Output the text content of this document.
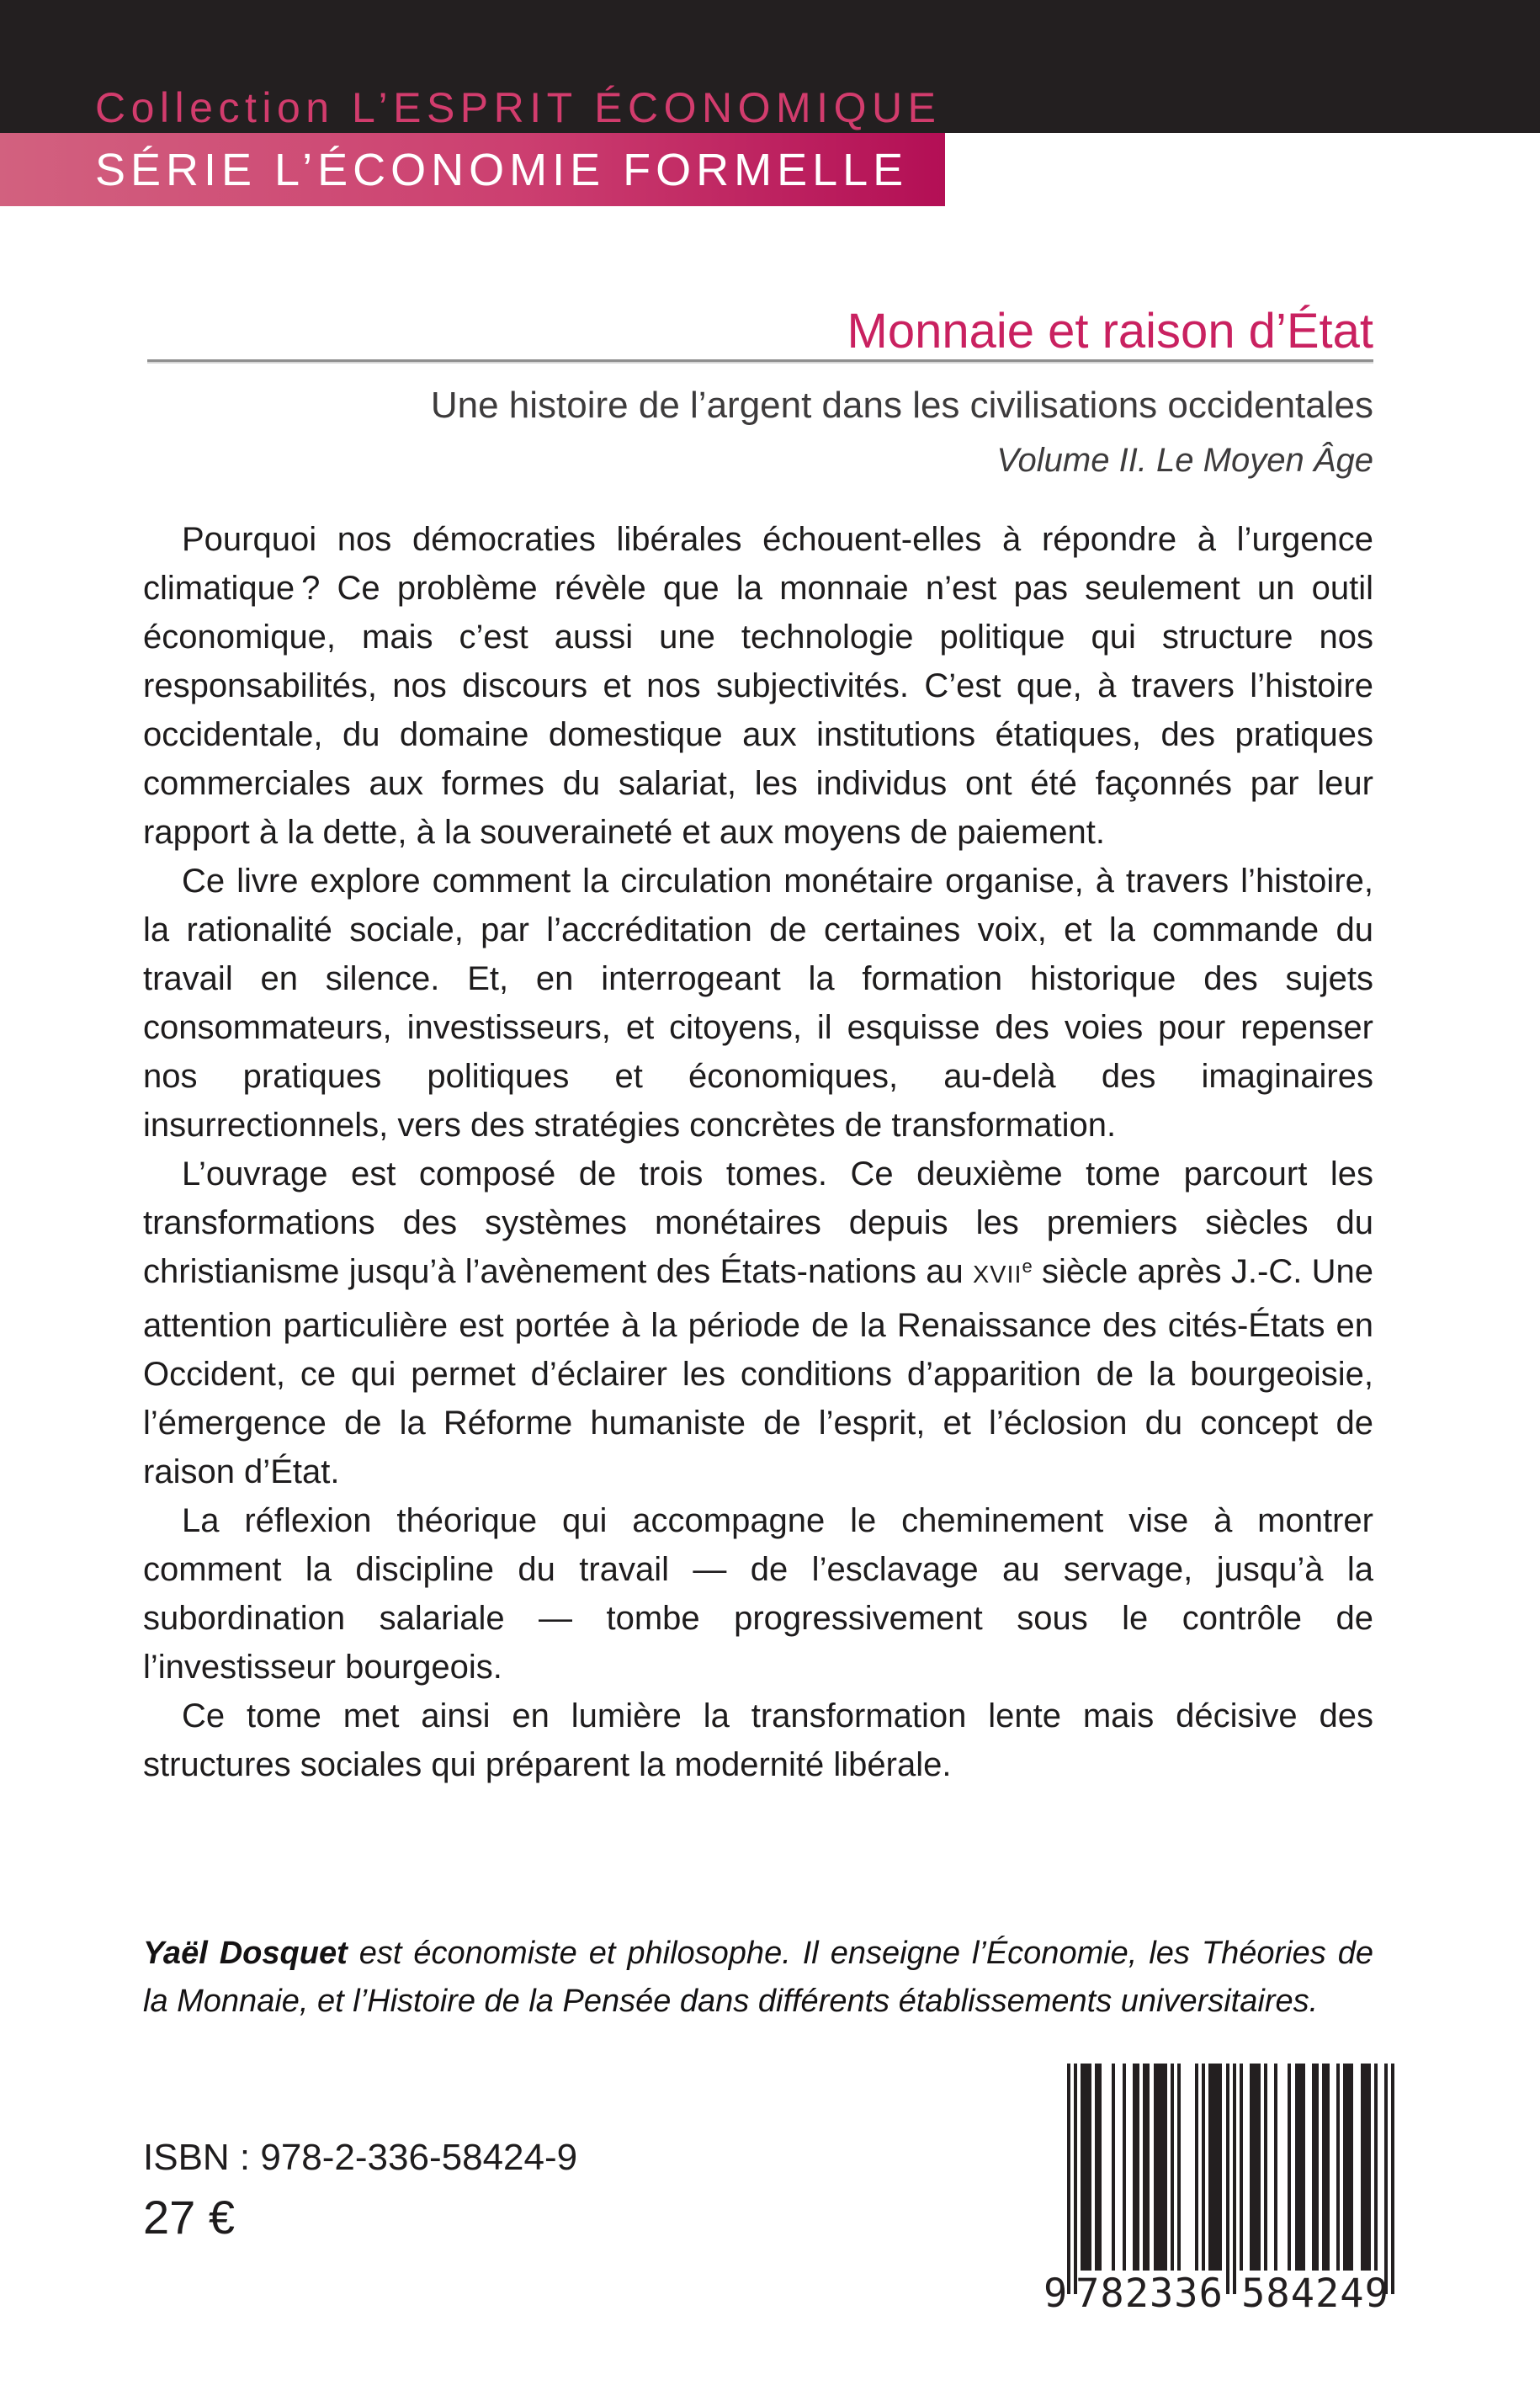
Collection L’ESPRIT ÉCONOMIQUE
SÉRIE L’ÉCONOMIE FORMELLE
Monnaie et raison d’État
Une histoire de l’argent dans les civilisations occidentales
Volume II. Le Moyen Âge

Pourquoi nos démocraties libérales échouent-elles à répondre à l’urgence climatique ? Ce problème révèle que la monnaie n’est pas seulement un outil économique, mais c’est aussi une technologie politique qui structure nos responsabilités, nos discours et nos subjectivités. C’est que, à travers l’histoire occidentale, du domaine domestique aux institutions étatiques, des pratiques commerciales aux formes du salariat, les individus ont été façonnés par leur rapport à la dette, à la souveraineté et aux moyens de paiement.

Ce livre explore comment la circulation monétaire organise, à travers l’histoire, la rationalité sociale, par l’accréditation de certaines voix, et la commande du travail en silence. Et, en interrogeant la formation historique des sujets consommateurs, investisseurs, et citoyens, il esquisse des voies pour repenser nos pratiques politiques et économiques, au-delà des imaginaires insurrectionnels, vers des stratégies concrètes de transformation.

L’ouvrage est composé de trois tomes. Ce deuxième tome parcourt les transformations des systèmes monétaires depuis les premiers siècles du christianisme jusqu’à l’avènement des États-nations au XVIIe siècle après J.-C. Une attention particulière est portée à la période de la Renaissance des cités-États en Occident, ce qui permet d’éclairer les conditions d’apparition de la bourgeoisie, l’émergence de la Réforme humaniste de l’esprit, et l’éclosion du concept de raison d’État.

La réflexion théorique qui accompagne le cheminement vise à montrer comment la discipline du travail — de l’esclavage au servage, jusqu’à la subordination salariale — tombe progressivement sous le contrôle de l’investisseur bourgeois.

Ce tome met ainsi en lumière la transformation lente mais décisive des structures sociales qui préparent la modernité libérale.

Yaël Dosquet est économiste et philosophe. Il enseigne l’Économie, les Théories de la Monnaie, et l’Histoire de la Pensée dans différents établissements universitaires.

ISBN : 978-2-336-58424-9
27 €
9 782336 584249
